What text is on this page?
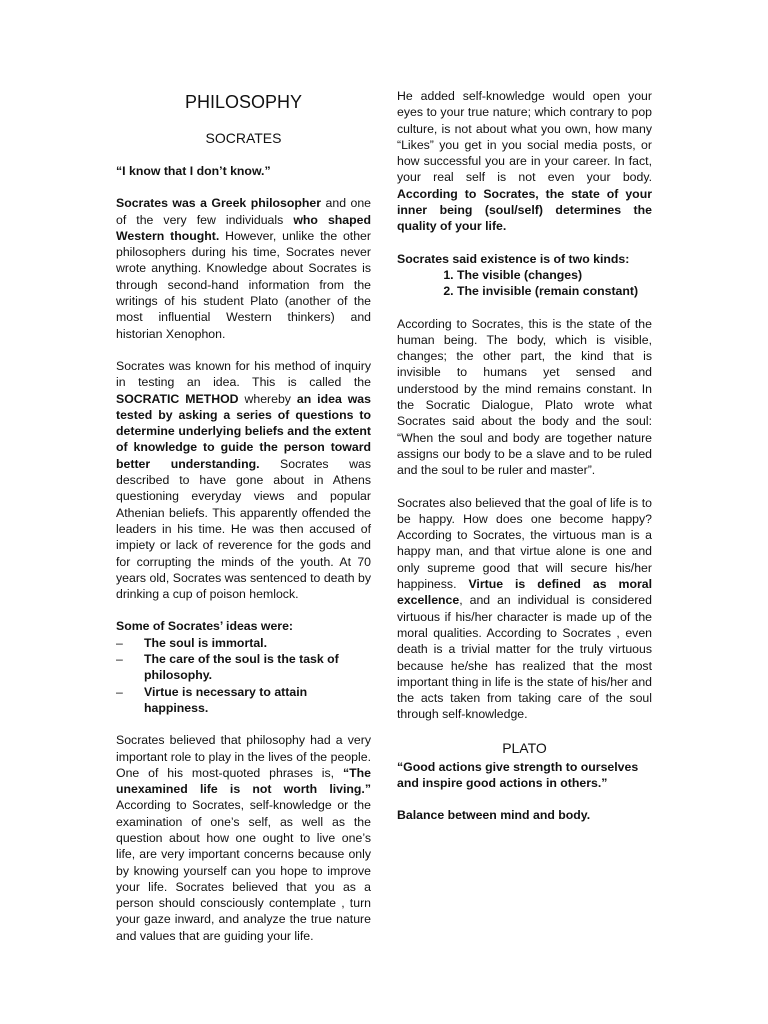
PHILOSOPHY
SOCRATES

“I know that I don’t know.”

Socrates was a Greek philosopher and one of the very few individuals who shaped Western thought. However, unlike the other philosophers during his time, Socrates never wrote anything. Knowledge about Socrates is through second-hand information from the writings of his student Plato (another of the most influential Western thinkers) and historian Xenophon.

Socrates was known for his method of inquiry in testing an idea. This is called the SOCRATIC METHOD whereby an idea was tested by asking a series of questions to determine underlying beliefs and the extent of knowledge to guide the person toward better understanding. Socrates was described to have gone about in Athens questioning everyday views and popular Athenian beliefs. This apparently offended the leaders in his time. He was then accused of impiety or lack of reverence for the gods and for corrupting the minds of the youth. At 70 years old, Socrates was sentenced to death by drinking a cup of poison hemlock.

Some of Socrates’ ideas were:

– The soul is immortal.
– The care of the soul is the task of philosophy.
– Virtue is necessary to attain happiness.

Socrates believed that philosophy had a very important role to play in the lives of the people. One of his most-quoted phrases is, “The unexamined life is not worth living.” According to Socrates, self-knowledge or the examination of one’s self, as well as the question about how one ought to live one’s life, are very important concerns because only by knowing yourself can you hope to improve your life. Socrates believed that you as a person should consciously contemplate , turn your gaze inward, and analyze the true nature and values that are guiding your life.

He added self-knowledge would open your eyes to your true nature; which contrary to pop culture, is not about what you own, how many “Likes” you get in you social media posts, or how successful you are in your career. In fact, your real self is not even your body. According to Socrates, the state of your inner being (soul/self) determines the quality of your life.

Socrates said existence is of two kinds:

1. The visible (changes)
2. The invisible (remain constant)

According to Socrates, this is the state of the human being. The body, which is visible, changes; the other part, the kind that is invisible to humans yet sensed and understood by the mind remains constant. In the Socratic Dialogue, Plato wrote what Socrates said about the body and the soul: “When the soul and body are together nature assigns our body to be a slave and to be ruled and the soul to be ruler and master”.

Socrates also believed that the goal of life is to be happy. How does one become happy? According to Socrates, the virtuous man is a happy man, and that virtue alone is one and only supreme good that will secure his/her happiness. Virtue is defined as moral excellence, and an individual is considered virtuous if his/her character is made up of the moral qualities. According to Socrates , even death is a trivial matter for the truly virtuous because he/she has realized that the most important thing in life is the state of his/her and the acts taken from taking care of the soul through self-knowledge.

PLATO

“Good actions give strength to ourselves and inspire good actions in others.”

Balance between mind and body.
